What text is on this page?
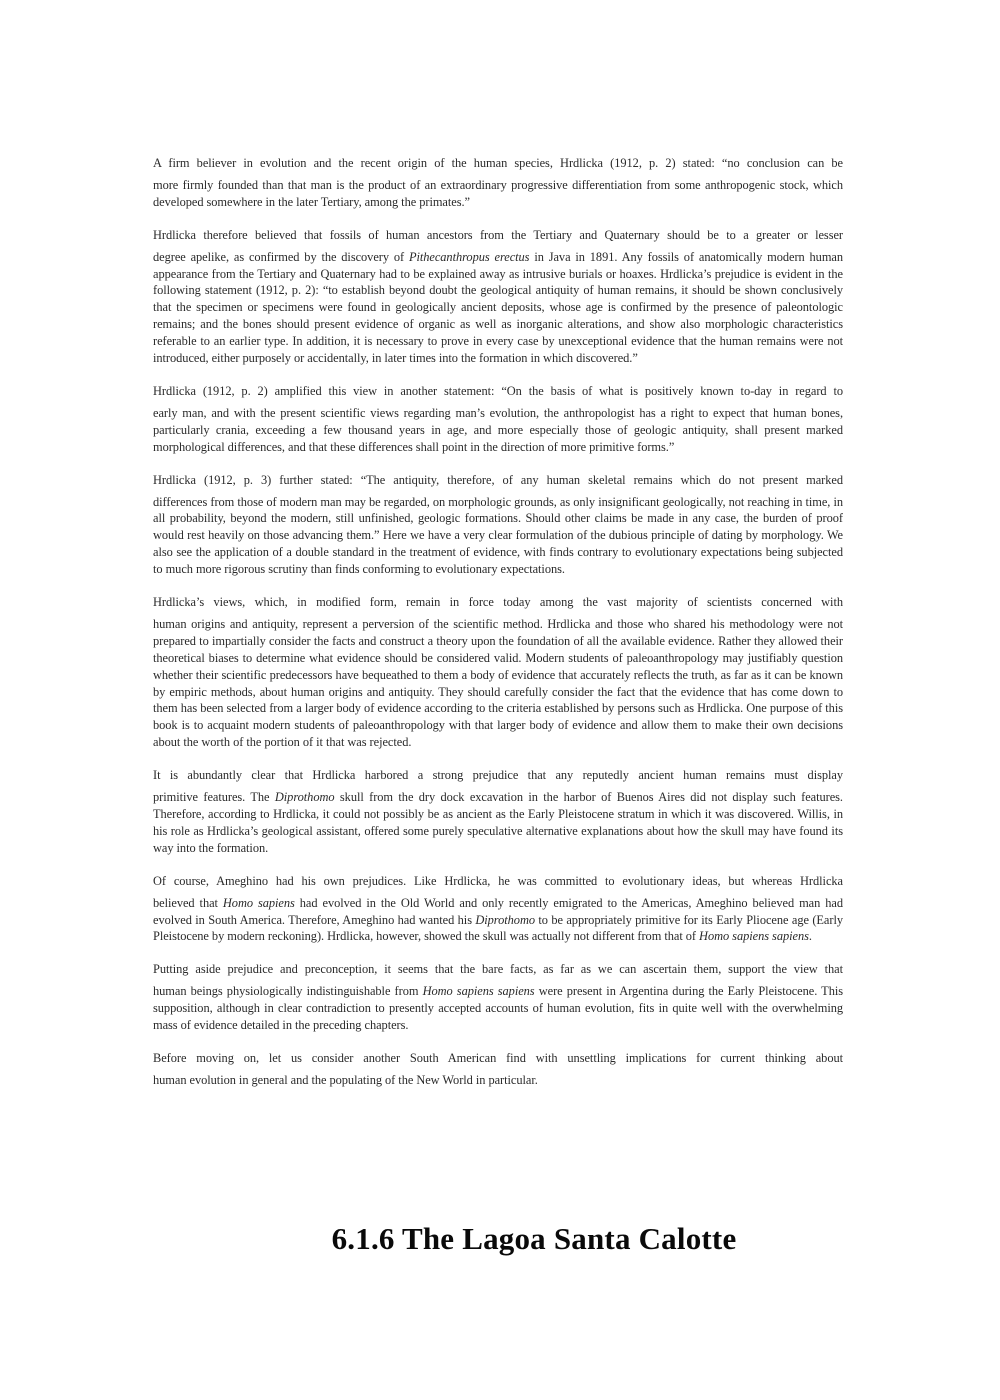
A firm believer in evolution and the recent origin of the human species, Hrdlicka (1912, p. 2) stated: “no conclusion can be
more firmly founded than that man is the product of an extraordinary progressive differentiation from some anthropogenic stock, which developed somewhere in the later Tertiary, among the primates.”

Hrdlicka therefore believed that fossils of human ancestors from the Tertiary and Quaternary should be to a greater or lesser
degree apelike, as confirmed by the discovery of Pithecanthropus erectus in Java in 1891. Any fossils of anatomically modern human appearance from the Tertiary and Quaternary had to be explained away as intrusive burials or hoaxes. Hrdlicka’s prejudice is evident in the following statement (1912, p. 2): “to establish beyond doubt the geological antiquity of human remains, it should be shown conclusively that the specimen or specimens were found in geologically ancient deposits, whose age is confirmed by the presence of paleontologic remains; and the bones should present evidence of organic as well as inorganic alterations, and show also morphologic characteristics referable to an earlier type. In addition, it is necessary to prove in every case by unexceptional evidence that the human remains were not introduced, either purposely or accidentally, in later times into the formation in which discovered.”

Hrdlicka (1912, p. 2) amplified this view in another statement: “On the basis of what is positively known to-day in regard to
early man, and with the present scientific views regarding man’s evolution, the anthropologist has a right to expect that human bones, particularly crania, exceeding a few thousand years in age, and more especially those of geologic antiquity, shall present marked morphological differences, and that these differences shall point in the direction of more primitive forms.”

Hrdlicka (1912, p. 3) further stated: “The antiquity, therefore, of any human skeletal remains which do not present marked
differences from those of modern man may be regarded, on morphologic grounds, as only insignificant geologically, not reaching in time, in all probability, beyond the modern, still unfinished, geologic formations. Should other claims be made in any case, the burden of proof would rest heavily on those advancing them.” Here we have a very clear formulation of the dubious principle of dating by morphology. We also see the application of a double standard in the treatment of evidence, with finds contrary to evolutionary expectations being subjected to much more rigorous scrutiny than finds conforming to evolutionary expectations.

Hrdlicka’s views, which, in modified form, remain in force today among the vast majority of scientists concerned with
human origins and antiquity, represent a perversion of the scientific method. Hrdlicka and those who shared his methodology were not prepared to impartially consider the facts and construct a theory upon the foundation of all the available evidence. Rather they allowed their theoretical biases to determine what evidence should be considered valid. Modern students of paleoanthropology may justifiably question whether their scientific predecessors have bequeathed to them a body of evidence that accurately reflects the truth, as far as it can be known by empiric methods, about human origins and antiquity. They should carefully consider the fact that the evidence that has come down to them has been selected from a larger body of evidence according to the criteria established by persons such as Hrdlicka. One purpose of this book is to acquaint modern students of paleoanthropology with that larger body of evidence and allow them to make their own decisions about the worth of the portion of it that was rejected.

It is abundantly clear that Hrdlicka harbored a strong prejudice that any reputedly ancient human remains must display
primitive features. The Diprothomo skull from the dry dock excavation in the harbor of Buenos Aires did not display such features. Therefore, according to Hrdlicka, it could not possibly be as ancient as the Early Pleistocene stratum in which it was discovered. Willis, in his role as Hrdlicka’s geological assistant, offered some purely speculative alternative explanations about how the skull may have found its way into the formation.

Of course, Ameghino had his own prejudices. Like Hrdlicka, he was committed to evolutionary ideas, but whereas Hrdlicka
believed that Homo sapiens had evolved in the Old World and only recently emigrated to the Americas, Ameghino believed man had evolved in South America. Therefore, Ameghino had wanted his Diprothomo to be appropriately primitive for its Early Pliocene age (Early Pleistocene by modern reckoning). Hrdlicka, however, showed the skull was actually not different from that of Homo sapiens sapiens.

Putting aside prejudice and preconception, it seems that the bare facts, as far as we can ascertain them, support the view that
human beings physiologically indistinguishable from Homo sapiens sapiens were present in Argentina during the Early Pleistocene. This supposition, although in clear contradiction to presently accepted accounts of human evolution, fits in quite well with the overwhelming mass of evidence detailed in the preceding chapters.

Before moving on, let us consider another South American find with unsettling implications for current thinking about
human evolution in general and the populating of the New World in particular.

6.1.6 The Lagoa Santa Calotte
